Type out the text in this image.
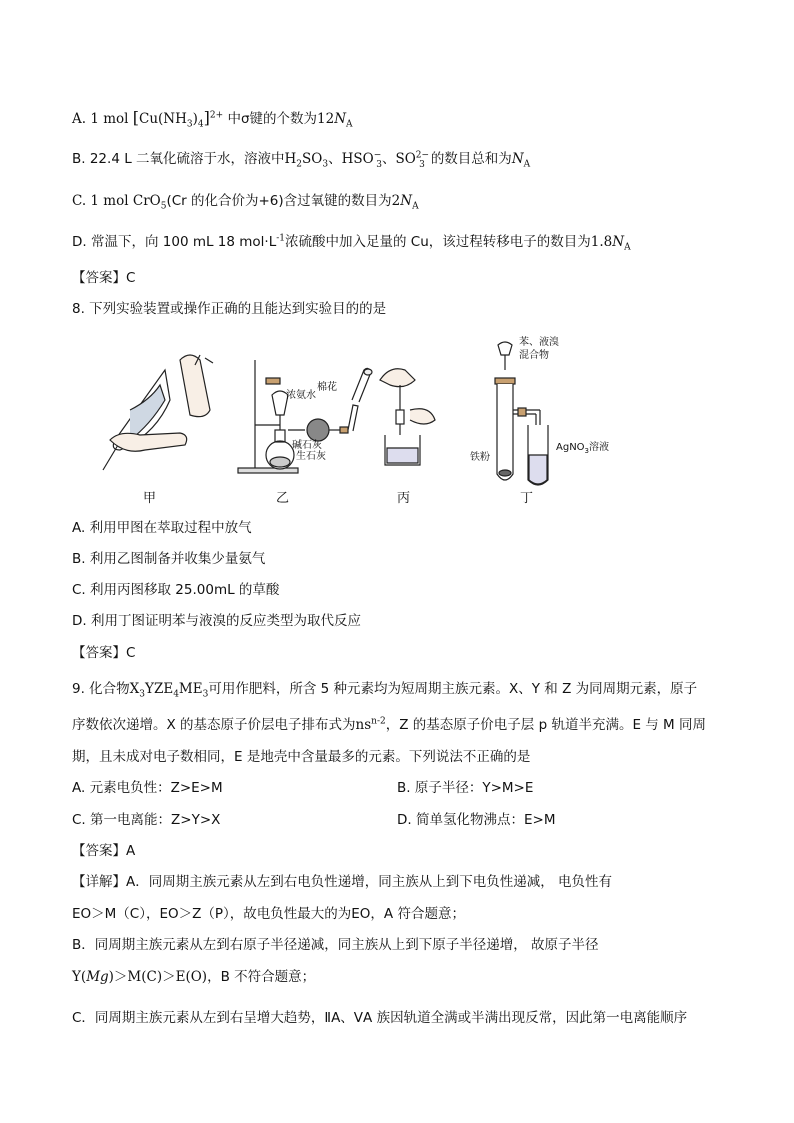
A. 1 mol $[Cu(NH_3)_4]^{2+}$ 中σ键的个数为$12N_A$
B. 22.4 L 二氧化硫溶于水，溶液中$H_2SO_3$、$HSO^-_3$、$SO^{2-}_3$ 的数目总和为$N_A$
C. 1 mol CrO$_5$(Cr 的化合价为+6)含过氧键的数目为$2N_A$
D. 常温下，向 100 mL 18 $mol\cdot L^{-1}$浓硫酸中加入足量的 Cu，该过程转移电子的数目为$1.8N_A$
【答案】C
8. 下列实验装置或操作正确的且能达到实验目的的是
浓氨水
棉花
碱石灰
生石灰
苯、液溴
混合物
铁粉
AgNO$_3$溶液
甲	乙	丙	丁
A. 利用甲图在萃取过程中放气
B. 利用乙图制备并收集少量氨气
C. 利用丙图移取 25.00mL 的草酸
D. 利用丁图证明苯与液溴的反应类型为取代反应
【答案】C
9. 化合物$X_3YZE_4ME_3$可用作肥料，所含 5 种元素均为短周期主族元素。X、Y 和 Z 为同周期元素，原子
序数依次递增。X 的基态原子价层电子排布式为$ns^{n-2}$，Z 的基态原子价电子层 p 轨道半充满。E 与 M 同周
期，且未成对电子数相同，E 是地壳中含量最多的元素。下列说法不正确的是
A. 元素电负性：Z>E>M	B. 原子半径：Y>M>E
C. 第一电离能：Z>Y>X	D. 简单氢化物沸点：E>M
【答案】A
【详解】A．同周期主族元素从左到右电负性递增，同主族从上到下电负性递减， 电负性有
EO＞M（C），EO＞Z（P），故电负性最大的为EO，A 符合题意；
B．同周期主族元素从左到右原子半径递减，同主族从上到下原子半径递增， 故原子半径
Y(Mg)＞M(C)＞E(O)，B 不符合题意；
C．同周期主族元素从左到右呈增大趋势，ⅡA、ⅤA 族因轨道全满或半满出现反常，因此第一电离能顺序
